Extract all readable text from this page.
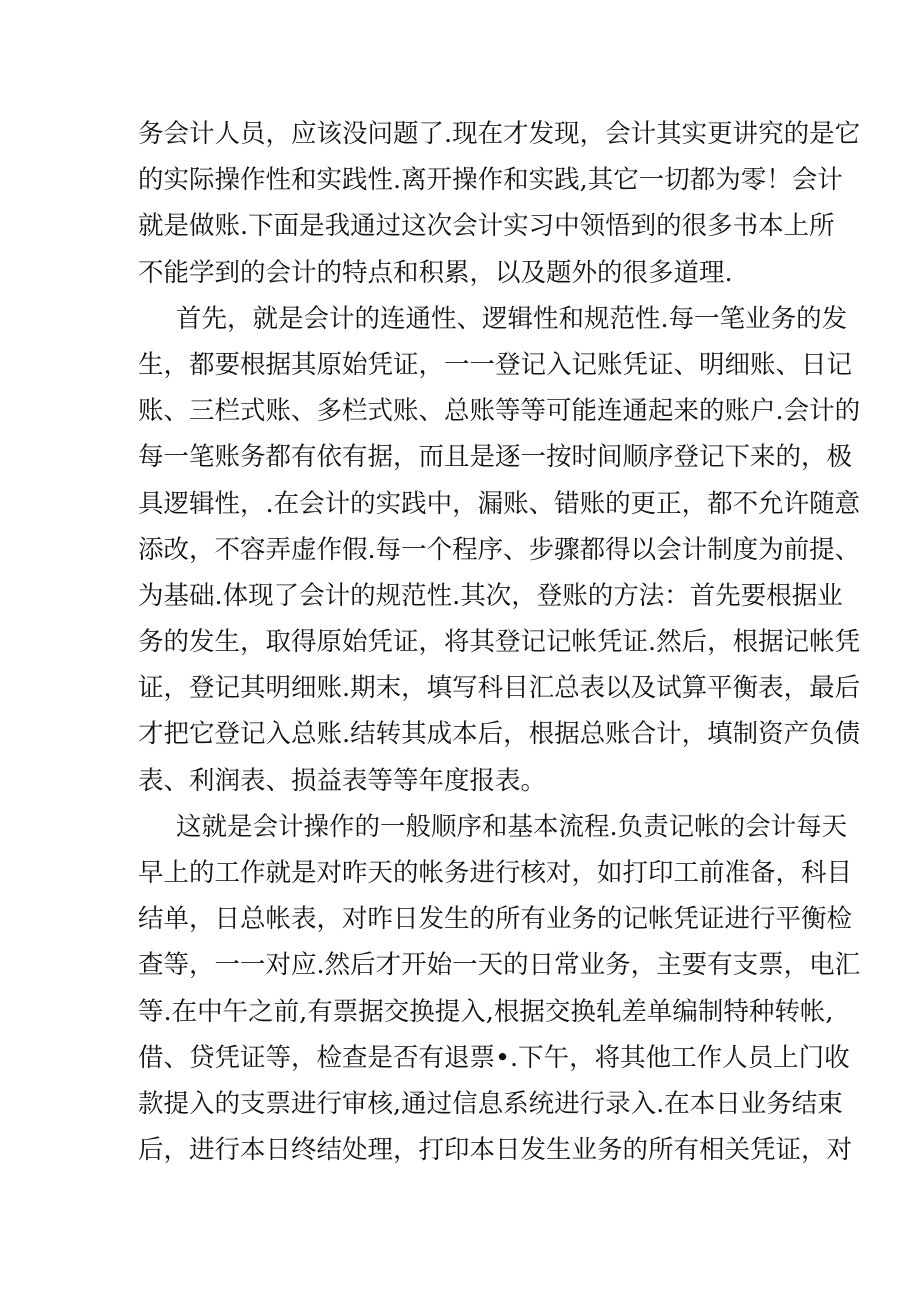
务会计人员，应该没问题了.现在才发现，会计其实更讲究的是它
的实际操作性和实践性.离开操作和实践,其它一切都为零！会计
就是做账.下面是我通过这次会计实习中领悟到的很多书本上所
不能学到的会计的特点和积累，以及题外的很多道理.
首先，就是会计的连通性、逻辑性和规范性.每一笔业务的发
生，都要根据其原始凭证，一一登记入记账凭证、明细账、日记
账、三栏式账、多栏式账、总账等等可能连通起来的账户.会计的
每一笔账务都有依有据，而且是逐一按时间顺序登记下来的，极
具逻辑性，.在会计的实践中，漏账、错账的更正，都不允许随意
添改，不容弄虚作假.每一个程序、步骤都得以会计制度为前提、
为基础.体现了会计的规范性.其次，登账的方法：首先要根据业
务的发生，取得原始凭证，将其登记记帐凭证.然后，根据记帐凭
证，登记其明细账.期末，填写科目汇总表以及试算平衡表，最后
才把它登记入总账.结转其成本后，根据总账合计，填制资产负债
表、利润表、损益表等等年度报表。
这就是会计操作的一般顺序和基本流程.负责记帐的会计每天
早上的工作就是对昨天的帐务进行核对，如打印工前准备，科目
结单，日总帐表，对昨日发生的所有业务的记帐凭证进行平衡检
查等，一一对应.然后才开始一天的日常业务，主要有支票，电汇
等.在中午之前,有票据交换提入,根据交换轧差单编制特种转帐,
借、贷凭证等，检查是否有退票•.下午，将其他工作人员上门收
款提入的支票进行审核,通过信息系统进行录入.在本日业务结束
后，进行本日终结处理，打印本日发生业务的所有相关凭证，对
